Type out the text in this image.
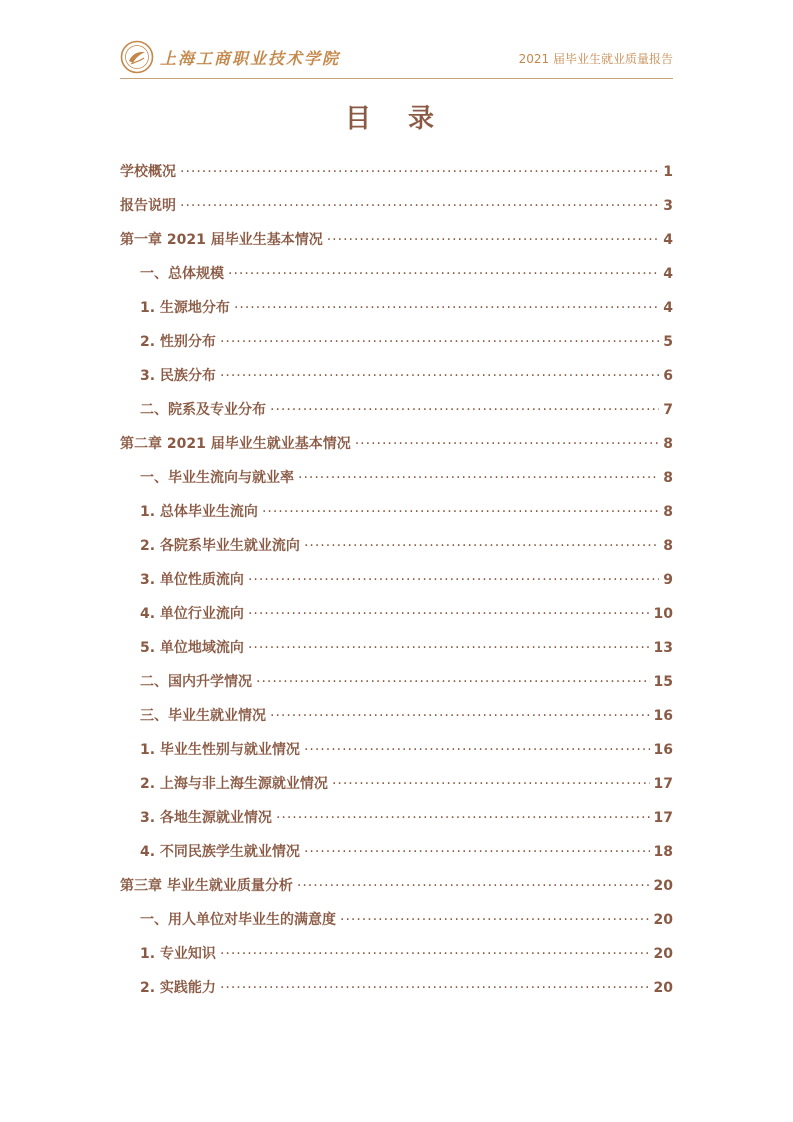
上海工商职业技术学院	2021 届毕业生就业质量报告
目 录
学校概况 ·····	1
报告说明 ·····	3
第一章 2021 届毕业生基本情况 ·····	4
一、总体规模 ·····	4
1. 生源地分布 ·····	4
2. 性别分布 ·····	5
3. 民族分布 ·····	6
二、院系及专业分布 ·····	7
第二章 2021 届毕业生就业基本情况 ·····	8
一、毕业生流向与就业率 ·····	8
1. 总体毕业生流向 ·····	8
2. 各院系毕业生就业流向 ·····	8
3. 单位性质流向 ·····	9
4. 单位行业流向 ·····	10
5. 单位地域流向 ·····	13
二、国内升学情况 ·····	15
三、毕业生就业情况 ·····	16
1. 毕业生性别与就业情况 ·····	16
2. 上海与非上海生源就业情况 ·····	17
3. 各地生源就业情况 ·····	17
4. 不同民族学生就业情况 ·····	18
第三章 毕业生就业质量分析 ·····	20
一、用人单位对毕业生的满意度 ·····	20
1. 专业知识 ·····	20
2. 实践能力 ·····	20
